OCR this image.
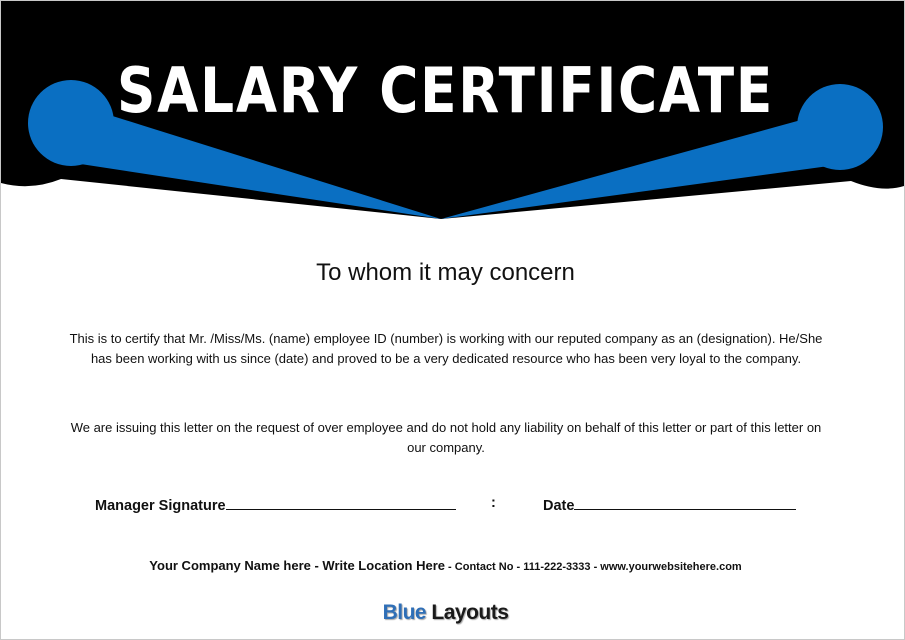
SALARY CERTIFICATE
To whom it may concern
This is to certify that Mr. /Miss/Ms. (name) employee ID (number) is working with our reputed company as an (designation). He/She has been working with us since (date) and proved to be a very dedicated resource who has been very loyal to the company.
We are issuing this letter on the request of over employee and do not hold any liability on behalf of this letter or part of this letter on our company.
Manager Signature	:	Date
Your Company Name here - Write Location Here - Contact No - 111-222-3333 - www.yourwebsitehere.com
Blue Layouts
